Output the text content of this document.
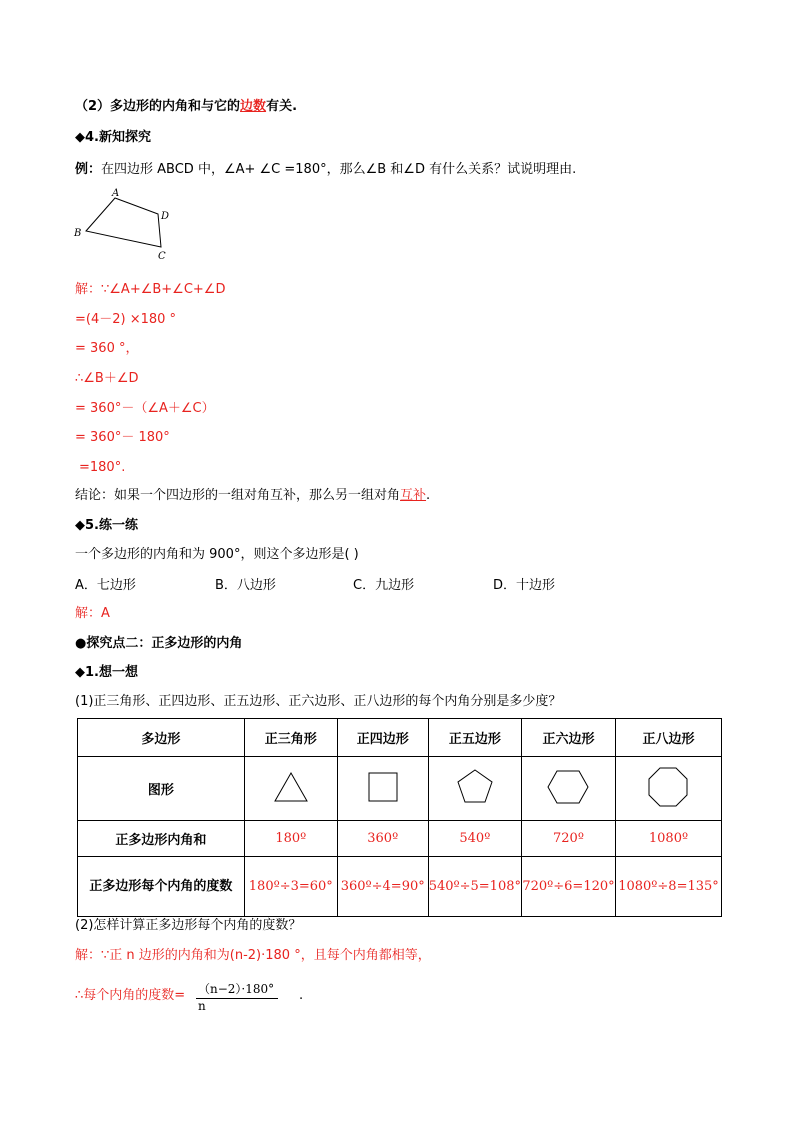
（2）多边形的内角和与它的边数有关.
◆4.新知探究
例：在四边形 ABCD 中，∠A+ ∠C =180°，那么∠B 和∠D 有什么关系？试说明理由.
A
B
C
D
解：∵∠A+∠B+∠C+∠D
=(4－2) ×180 °
= 360 °，
∴∠B＋∠D
= 360°－（∠A＋∠C）
= 360°－ 180°
=180°.
结论：如果一个四边形的一组对角互补，那么另一组对角互补.
◆5.练一练
一个多边形的内角和为 900°，则这个多边形是( )
A．七边形	B．八边形	C．九边形	D．十边形
解：A
●探究点二：正多边形的内角
◆1.想一想
(1)正三角形、正四边形、正五边形、正六边形、正八边形的每个内角分别是多少度？
多边形	正三角形	正四边形	正五边形	正六边形	正八边形
图形					
正多边形内角和	180º	360º	540º	720º	1080º
正多边形每个内角的度数	180º÷3=60°	360º÷4=90°	540º÷5=108°	720º÷6=120°	1080º÷8=135°
(2)怎样计算正多边形每个内角的度数？
解：∵正 n 边形的内角和为(n-2)·180 °，且每个内角都相等，
∴每个内角的度数= $\frac{(n-2)\cdot 180^\circ}{n}$ .
